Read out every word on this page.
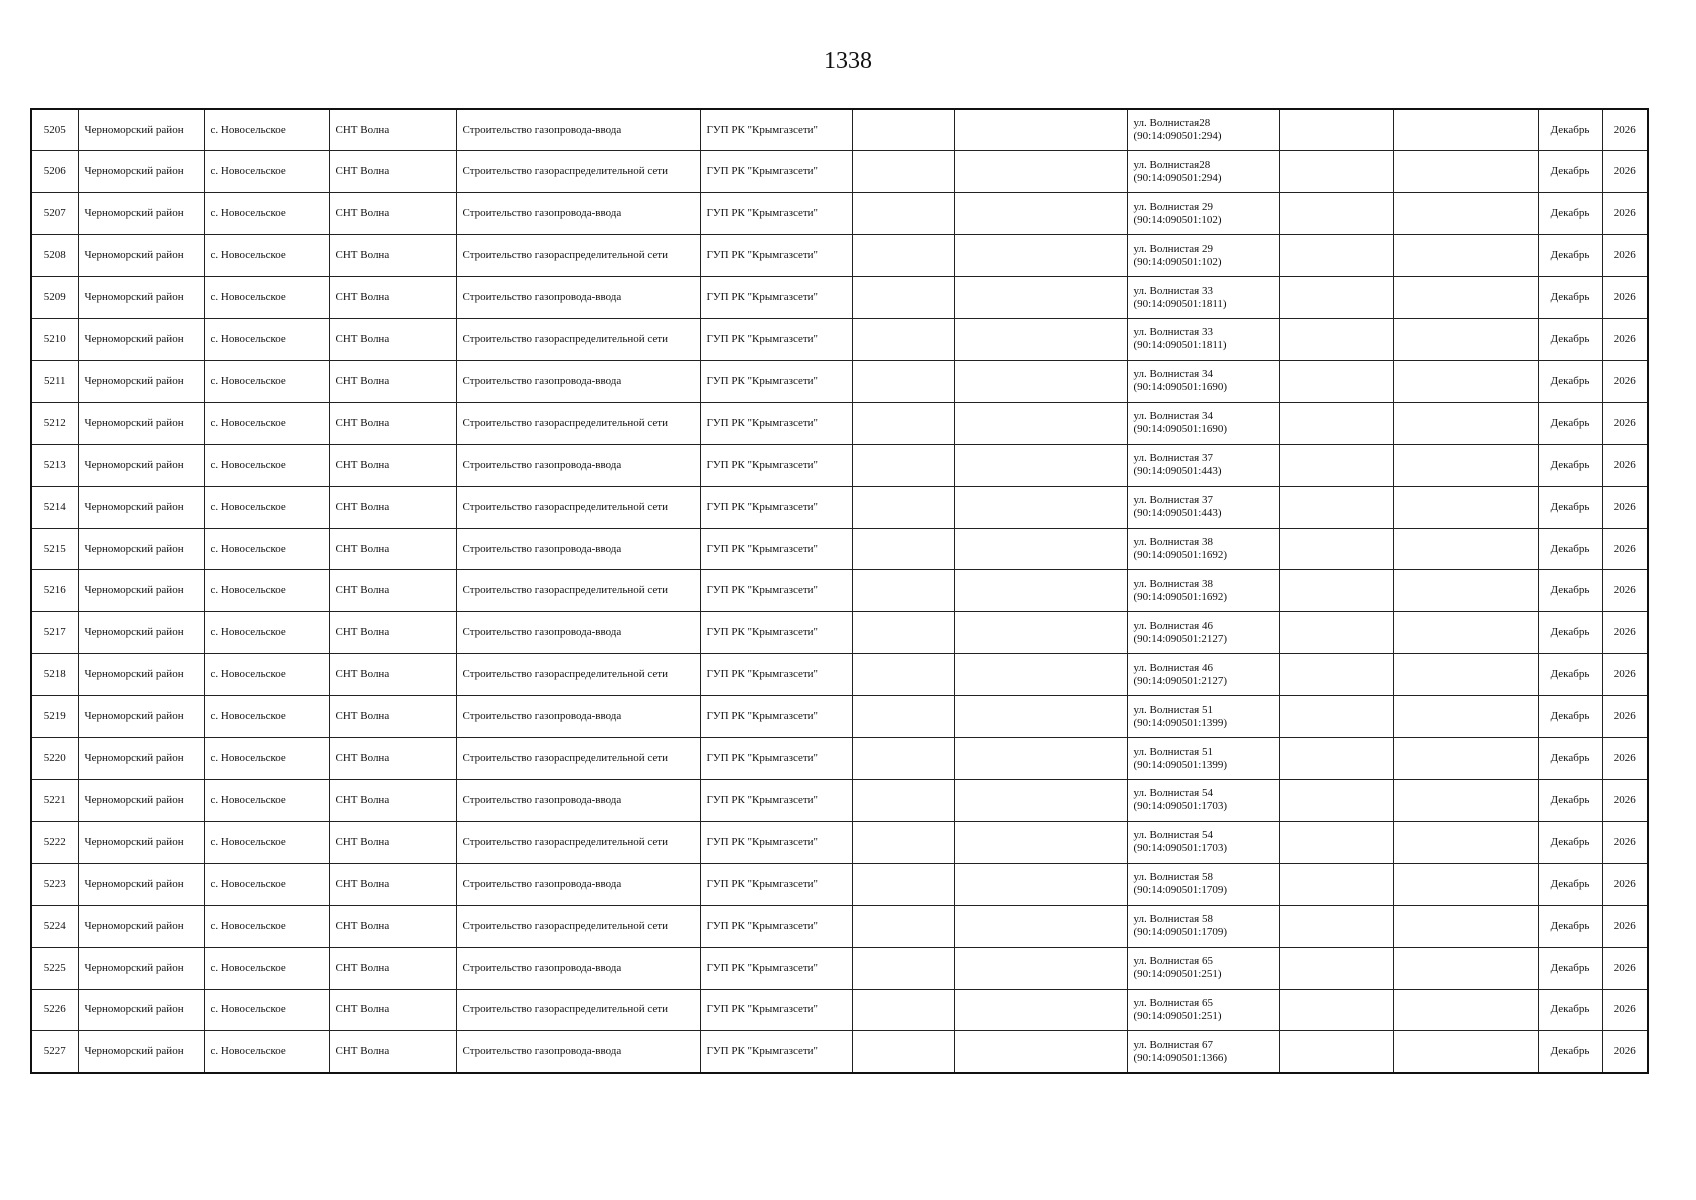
1338
5205	Черноморский район	с. Новосельское	СНТ Волна	Строительство газопровода-ввода	ГУП РК "Крымгазсети"			ул. Волнистая28 (90:14:090501:294)			Декабрь	2026
5206	Черноморский район	с. Новосельское	СНТ Волна	Строительство газораспределительной сети	ГУП РК "Крымгазсети"			ул. Волнистая28 (90:14:090501:294)			Декабрь	2026
5207	Черноморский район	с. Новосельское	СНТ Волна	Строительство газопровода-ввода	ГУП РК "Крымгазсети"			ул. Волнистая 29 (90:14:090501:102)			Декабрь	2026
5208	Черноморский район	с. Новосельское	СНТ Волна	Строительство газораспределительной сети	ГУП РК "Крымгазсети"			ул. Волнистая 29 (90:14:090501:102)			Декабрь	2026
5209	Черноморский район	с. Новосельское	СНТ Волна	Строительство газопровода-ввода	ГУП РК "Крымгазсети"			ул. Волнистая 33 (90:14:090501:1811)			Декабрь	2026
5210	Черноморский район	с. Новосельское	СНТ Волна	Строительство газораспределительной сети	ГУП РК "Крымгазсети"			ул. Волнистая 33 (90:14:090501:1811)			Декабрь	2026
5211	Черноморский район	с. Новосельское	СНТ Волна	Строительство газопровода-ввода	ГУП РК "Крымгазсети"			ул. Волнистая 34 (90:14:090501:1690)			Декабрь	2026
5212	Черноморский район	с. Новосельское	СНТ Волна	Строительство газораспределительной сети	ГУП РК "Крымгазсети"			ул. Волнистая 34 (90:14:090501:1690)			Декабрь	2026
5213	Черноморский район	с. Новосельское	СНТ Волна	Строительство газопровода-ввода	ГУП РК "Крымгазсети"			ул. Волнистая 37 (90:14:090501:443)			Декабрь	2026
5214	Черноморский район	с. Новосельское	СНТ Волна	Строительство газораспределительной сети	ГУП РК "Крымгазсети"			ул. Волнистая 37 (90:14:090501:443)			Декабрь	2026
5215	Черноморский район	с. Новосельское	СНТ Волна	Строительство газопровода-ввода	ГУП РК "Крымгазсети"			ул. Волнистая 38 (90:14:090501:1692)			Декабрь	2026
5216	Черноморский район	с. Новосельское	СНТ Волна	Строительство газораспределительной сети	ГУП РК "Крымгазсети"			ул. Волнистая 38 (90:14:090501:1692)			Декабрь	2026
5217	Черноморский район	с. Новосельское	СНТ Волна	Строительство газопровода-ввода	ГУП РК "Крымгазсети"			ул. Волнистая 46 (90:14:090501:2127)			Декабрь	2026
5218	Черноморский район	с. Новосельское	СНТ Волна	Строительство газораспределительной сети	ГУП РК "Крымгазсети"			ул. Волнистая 46 (90:14:090501:2127)			Декабрь	2026
5219	Черноморский район	с. Новосельское	СНТ Волна	Строительство газопровода-ввода	ГУП РК "Крымгазсети"			ул. Волнистая 51 (90:14:090501:1399)			Декабрь	2026
5220	Черноморский район	с. Новосельское	СНТ Волна	Строительство газораспределительной сети	ГУП РК "Крымгазсети"			ул. Волнистая 51 (90:14:090501:1399)			Декабрь	2026
5221	Черноморский район	с. Новосельское	СНТ Волна	Строительство газопровода-ввода	ГУП РК "Крымгазсети"			ул. Волнистая 54 (90:14:090501:1703)			Декабрь	2026
5222	Черноморский район	с. Новосельское	СНТ Волна	Строительство газораспределительной сети	ГУП РК "Крымгазсети"			ул. Волнистая 54 (90:14:090501:1703)			Декабрь	2026
5223	Черноморский район	с. Новосельское	СНТ Волна	Строительство газопровода-ввода	ГУП РК "Крымгазсети"			ул. Волнистая 58 (90:14:090501:1709)			Декабрь	2026
5224	Черноморский район	с. Новосельское	СНТ Волна	Строительство газораспределительной сети	ГУП РК "Крымгазсети"			ул. Волнистая 58 (90:14:090501:1709)			Декабрь	2026
5225	Черноморский район	с. Новосельское	СНТ Волна	Строительство газопровода-ввода	ГУП РК "Крымгазсети"			ул. Волнистая 65 (90:14:090501:251)			Декабрь	2026
5226	Черноморский район	с. Новосельское	СНТ Волна	Строительство газораспределительной сети	ГУП РК "Крымгазсети"			ул. Волнистая 65 (90:14:090501:251)			Декабрь	2026
5227	Черноморский район	с. Новосельское	СНТ Волна	Строительство газопровода-ввода	ГУП РК "Крымгазсети"			ул. Волнистая 67 (90:14:090501:1366)			Декабрь	2026
